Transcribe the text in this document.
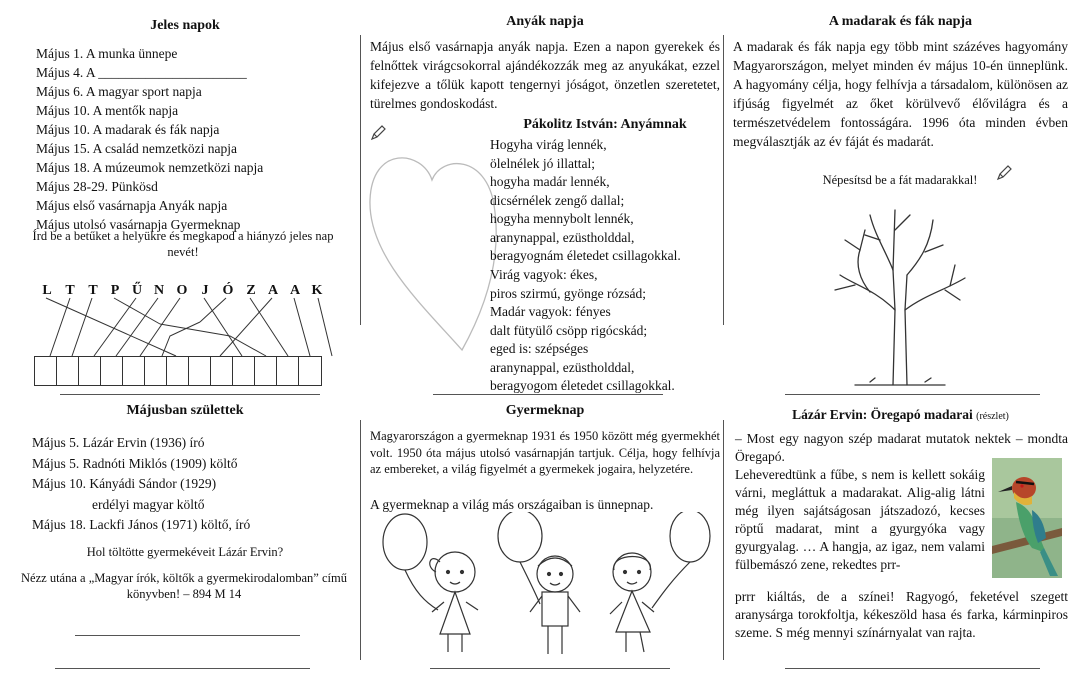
Jeles napok
Május 1. A munka ünnepe
Május 4. A ______________________
Május 6. A magyar sport napja
Május 10. A mentők napja
Május 10. A madarak és fák napja
Május 15. A család nemzetközi napja
Május 18. A múzeumok nemzetközi napja
Május 28-29. Pünkösd
Május első vasárnapja Anyák napja
Május utolsó vasárnapja Gyermeknap
Írd be a betűket a helyükre és megkapod a hiányzó jeles nap nevét!
L T T P Ű N O	J	Ó Z A A K
Májusban születtek
Május 5. Lázár Ervin (1936) író
Május 5. Radnóti Miklós (1909) költő
Május 10. Kányádi Sándor (1929)
erdélyi magyar költő
Május 18. Lackfi János (1971) költő, író
Hol töltötte gyermekéveit Lázár Ervin?
Nézz utána a „Magyar írók, költők a gyermekirodalomban” című könyvben! – 894 M 14
Anyák napja
Május első vasárnapja anyák napja. Ezen a napon gyerekek és felnőttek virágcsokorral ajándékozzák meg az anyukákat, ezzel kifejezve a tőlük kapott tengernyi jóságot, önzetlen szeretetet, türelmes gondoskodást.
Pákolitz István: Anyámnak
Hogyha virág lennék,
ölelnélek jó illattal;
hogyha madár lennék,
dicsérnélek zengő dallal;
hogyha mennybolt lennék,
aranynappal, ezüstholddal,
beragyognám életedet csillagokkal.
Virág vagyok: ékes,
piros szirmú, gyönge rózsád;
Madár vagyok: fényes
dalt fütyülő csöpp rigócskád;
eged is: szépséges
aranynappal, ezüstholddal,
beragyogom életedet csillagokkal.
Gyermeknap
Magyarországon a gyermeknap 1931 és 1950 között még gyermekhét volt. 1950 óta május utolsó vasárnapján tartjuk. Célja, hogy felhívja az embereket, a világ figyelmét a gyermekek jogaira, helyzetére.
A gyermeknap a világ más országaiban is ünnepnap.
A madarak és fák napja
A madarak és fák napja egy több mint százéves hagyomány Magyarországon, melyet minden év május 10-én ünneplünk. A hagyomány célja, hogy felhívja a társadalom, különösen az ifjúság figyelmét az őket körülvevő élővilágra és a természetvédelem fontosságára. 1996 óta minden évben megválasztják az év fáját és madarát.
Népesítsd be a fát madarakkal!
Lázár Ervin: Öregapó madarai (részlet)
– Most egy nagyon szép madarat mutatok nektek – mondta Öregapó.
Leheveredtünk a fűbe, s nem is kellett sokáig várni, megláttuk a madarakat. Alig-alig látni még ilyen sajátságosan játszadozó, kecses röptű madarat, mint a gyurgyóka vagy gyurgyalag. … A hangja, az igaz, nem valami fülbemászó zene, rekedtes prr-
prrr kiáltás, de a színei! Ragyogó, feketével szegett aranysárga torokfoltja, kékeszöld hasa és farka, kárminpiros szeme. S még mennyi színárnyalat van rajta.
